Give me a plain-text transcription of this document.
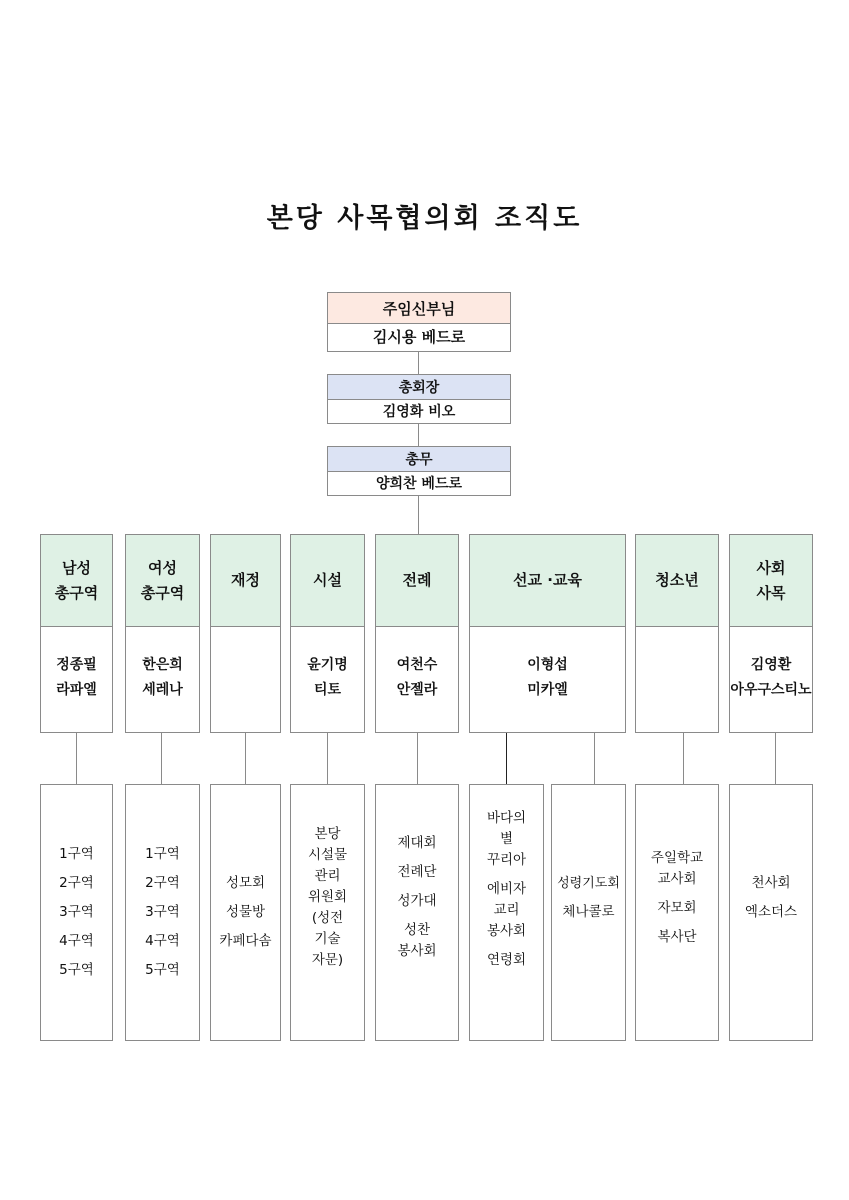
본당 사목협의회 조직도
주임신부님
김시용 베드로
총회장
김영화 비오
총무
양희찬 베드로
남성
총구역
정종필
라파엘
여성
총구역
한은희
세레나
재정	시설
윤기명
티토
전례
여천수
안젤라
선교 ·교육
이형섭
미카엘
청소년
사회
사목
김영환
아우구스티노
1구역
2구역
3구역
4구역
5구역
1구역
2구역
3구역
4구역
5구역
성모회
성물방
카페다솜
본당
시설물
관리
위원회
(성전
기술
자문)
제대회
전례단
성가대
성찬
봉사회
바다의
별
꾸리아
에비자
교리
봉사회
연령회
성령기도회
체나콜로
주일학교
교사회
자모회
복사단
천사회
엑소더스
